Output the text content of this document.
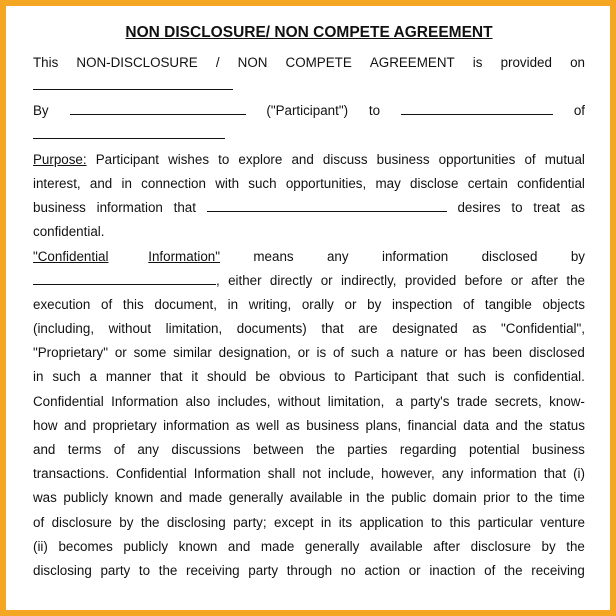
NON DISCLOSURE/ NON COMPETE AGREEMENT
This NON-DISCLOSURE / NON COMPETE AGREEMENT is provided on
By	("Participant") to	of
Purpose: Participant wishes to explore and discuss business opportunities of mutual
interest, and in connection with such opportunities, may disclose certain confidential
business information that	desires to treat as
confidential.
"Confidential	Information" means any information disclosed by
, either directly or indirectly, provided before or after the
execution of this document, in writing, orally or by inspection of tangible objects
(including, without limitation, documents) that are designated as "Confidential",
"Proprietary" or some similar designation, or is of such a nature or has been disclosed
in such a manner that it should be obvious to Participant that such is confidential.
Confidential Information also includes, without limitation, a party's trade secrets, know-
how and proprietary information as well as business plans, financial data and the status
and terms of any discussions between the parties regarding potential business
transactions. Confidential Information shall not include, however, any information that (i)
was publicly known and made generally available in the public domain prior to the time
of disclosure by the disclosing party; except in its application to this particular venture
(ii) becomes publicly known and made generally available after disclosure by the
disclosing party to the receiving party through no action or inaction of the receiving
